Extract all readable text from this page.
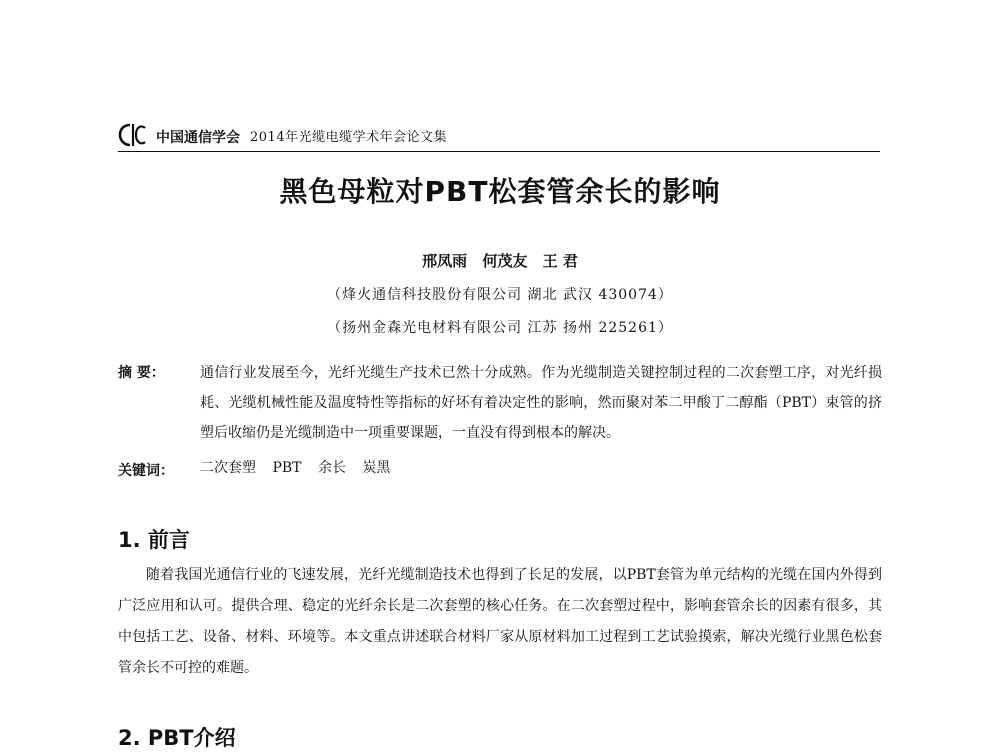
中国通信学会 2014年光缆电缆学术年会论文集
黑色母粒对PBT松套管余长的影响
邢凤雨 何茂友 王 君
（烽火通信科技股份有限公司 湖北 武汉 430074）
（扬州金森光电材料有限公司 江苏 扬州 225261）
摘 要：	通信行业发展至今，光纤光缆生产技术已然十分成熟。作为光缆制造关键控制过程的二次套塑工序，对光纤损耗、光缆机械性能及温度特性等指标的好坏有着决定性的影响，然而聚对苯二甲酸丁二醇酯（PBT）束管的挤塑后收缩仍是光缆制造中一项重要课题，一直没有得到根本的解决。
关键词： 二次套塑 PBT 余长 炭黑
1. 前言
随着我国光通信行业的飞速发展，光纤光缆制造技术也得到了长足的发展，以PBT套管为单元结构的光缆在国内外得到广泛应用和认可。提供合理、稳定的光纤余长是二次套塑的核心任务。在二次套塑过程中，影响套管余长的因素有很多，其中包括工艺、设备、材料、环境等。本文重点讲述联合材料厂家从原材料加工过程到工艺试验摸索，解决光缆行业黑色松套管余长不可控的难题。
2. PBT介绍
